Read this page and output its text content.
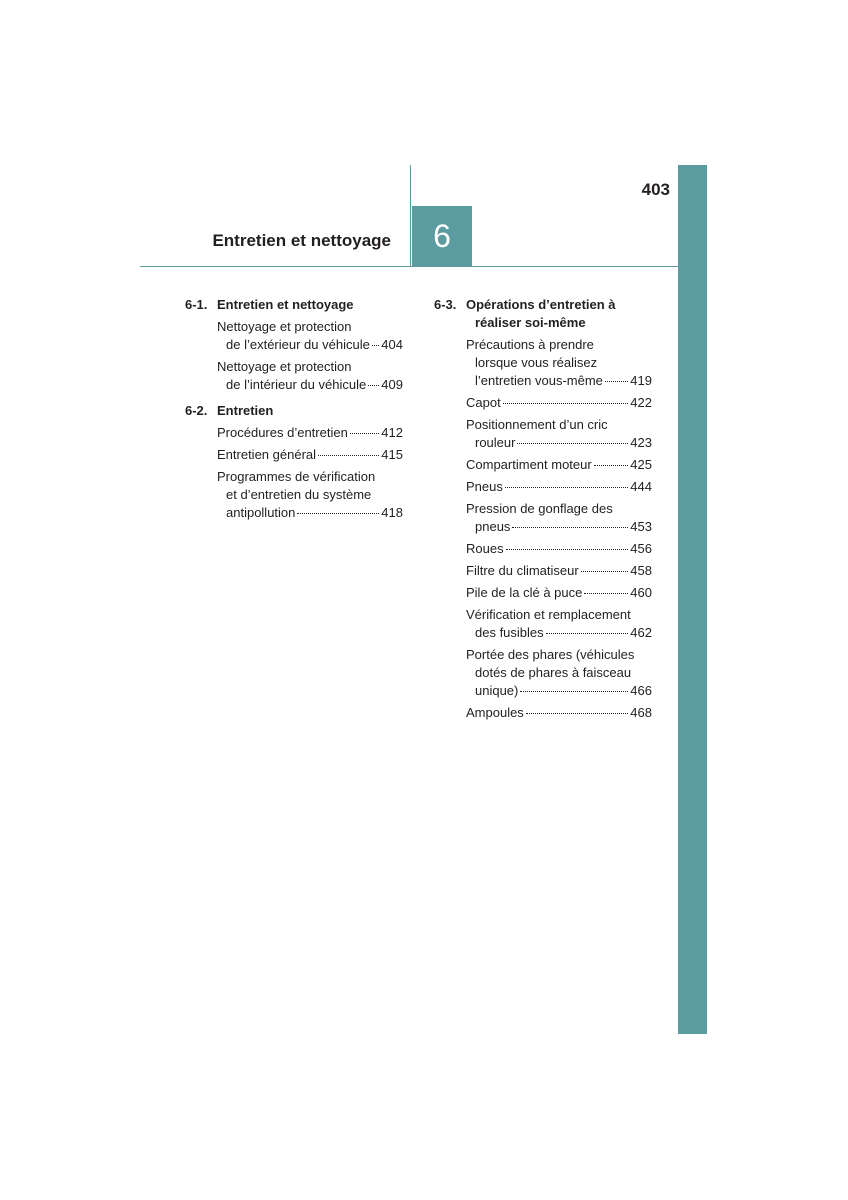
403
Entretien et nettoyage 6
6-1. Entretien et nettoyage
Nettoyage et protection
de l’extérieur du véhicule 404
Nettoyage et protection
de l’intérieur du véhicule 409
6-2. Entretien
Procédures d’entretien	412
Entretien général	415
Programmes de vérification
et d’entretien du système
antipollution	418
6-3. Opérations d’entretien à
réaliser soi-même
Précautions à prendre
lorsque vous réalisez
l’entretien vous-même 419
Capot	422
Positionnement d’un cric
rouleur	423
Compartiment moteur	425
Pneus	444
Pression de gonflage des
pneus	453
Roues	456
Filtre du climatiseur	458
Pile de la clé à puce	460
Vérification et remplacement
des fusibles	462
Portée des phares (véhicules
dotés de phares à faisceau
unique)	466
Ampoules	468
